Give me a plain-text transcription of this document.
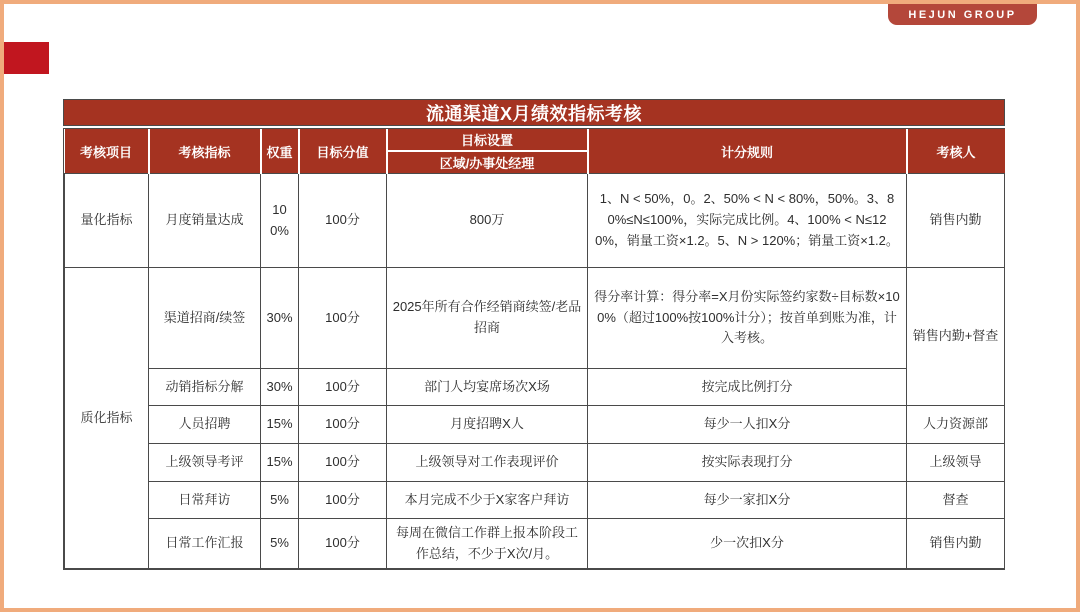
HEJUN GROUP
流通渠道X月绩效指标考核
考核项目	考核指标	权重	目标分值	目标设置	计分规则	考核人
				区域/办事处经理		
量化指标	月度销量达成	100%	100分	800万	1、N < 50%，0。2、50% < N < 80%，50%。3、80%≤N≤100%，实际完成比例。4、100% < N≤120%，销量工资×1.2。5、N > 120%；销量工资×1.2。	销售内勤
质化指标	渠道招商/续签	30%	100分	2025年所有合作经销商续签/老品招商	得分率计算：得分率=X月份实际签约家数÷目标数×100%（超过100%按100%计分）；按首单到账为准，计入考核。	销售内勤+督查
	动销指标分解	30%	100分	部门人均宴席场次X场	按完成比例打分	
	人员招聘	15%	100分	月度招聘X人	每少一人扣X分	人力资源部
	上级领导考评	15%	100分	上级领导对工作表现评价	按实际表现打分	上级领导
	日常拜访	5%	100分	本月完成不少于X家客户拜访	每少一家扣X分	督查
	日常工作汇报	5%	100分	每周在微信工作群上报本阶段工作总结，不少于X次/月。	少一次扣X分	销售内勤
